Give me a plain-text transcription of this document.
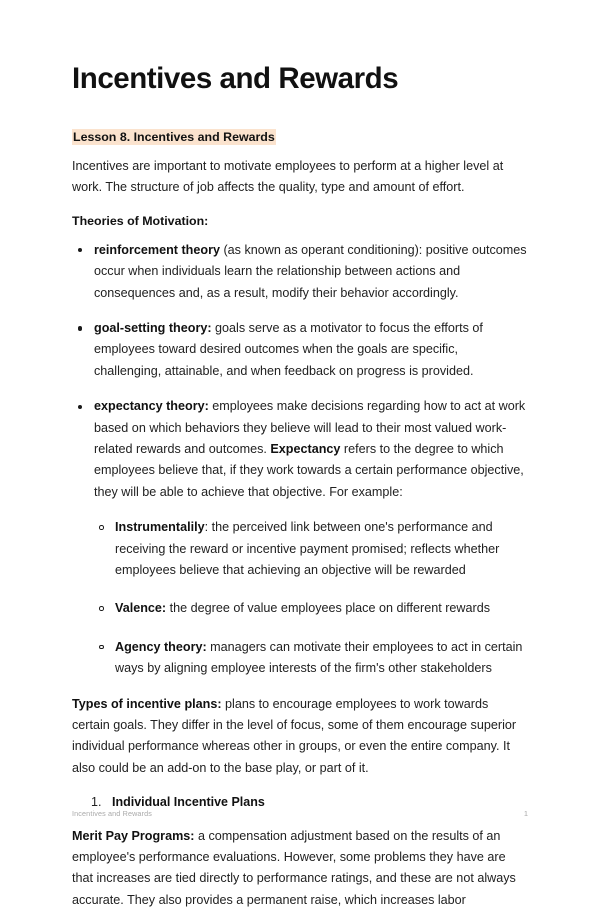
Incentives and Rewards

Lesson 8. Incentives and Rewards

Incentives are important to motivate employees to perform at a higher level at work. The structure of job affects the quality, type and amount of effort.

Theories of Motivation:

reinforcement theory (as known as operant conditioning): positive outcomes occur when individuals learn the relationship between actions and consequences and, as a result, modify their behavior accordingly.
goal-setting theory: goals serve as a motivator to focus the efforts of employees toward desired outcomes when the goals are specific, challenging, attainable, and when feedback on progress is provided.
expectancy theory: employees make decisions regarding how to act at work based on which behaviors they believe will lead to their most valued work-related rewards and outcomes. Expectancy refers to the degree to which employees believe that, if they work towards a certain performance objective, they will be able to achieve that objective. For example:
Instrumentalily: the perceived link between one's performance and receiving the reward or incentive payment promised; reflects whether employees believe that achieving an objective will be rewarded
Valence: the degree of value employees place on different rewards
Agency theory: managers can motivate their employees to act in certain ways by aligning employee interests of the firm's other stakeholders

Types of incentive plans: plans to encourage employees to work towards certain goals. They differ in the level of focus, some of them encourage superior individual performance whereas other in groups, or even the entire company. It also could be an add-on to the base play, or part of it.

Individual Incentive Plans

Merit Pay Programs: a compensation adjustment based on the results of an employee's performance evaluations. However, some problems they have are that increases are tied directly to performance ratings, and these are not always accurate. They also provides a permanent raise, which increases labor

Incentives and Rewards	1
